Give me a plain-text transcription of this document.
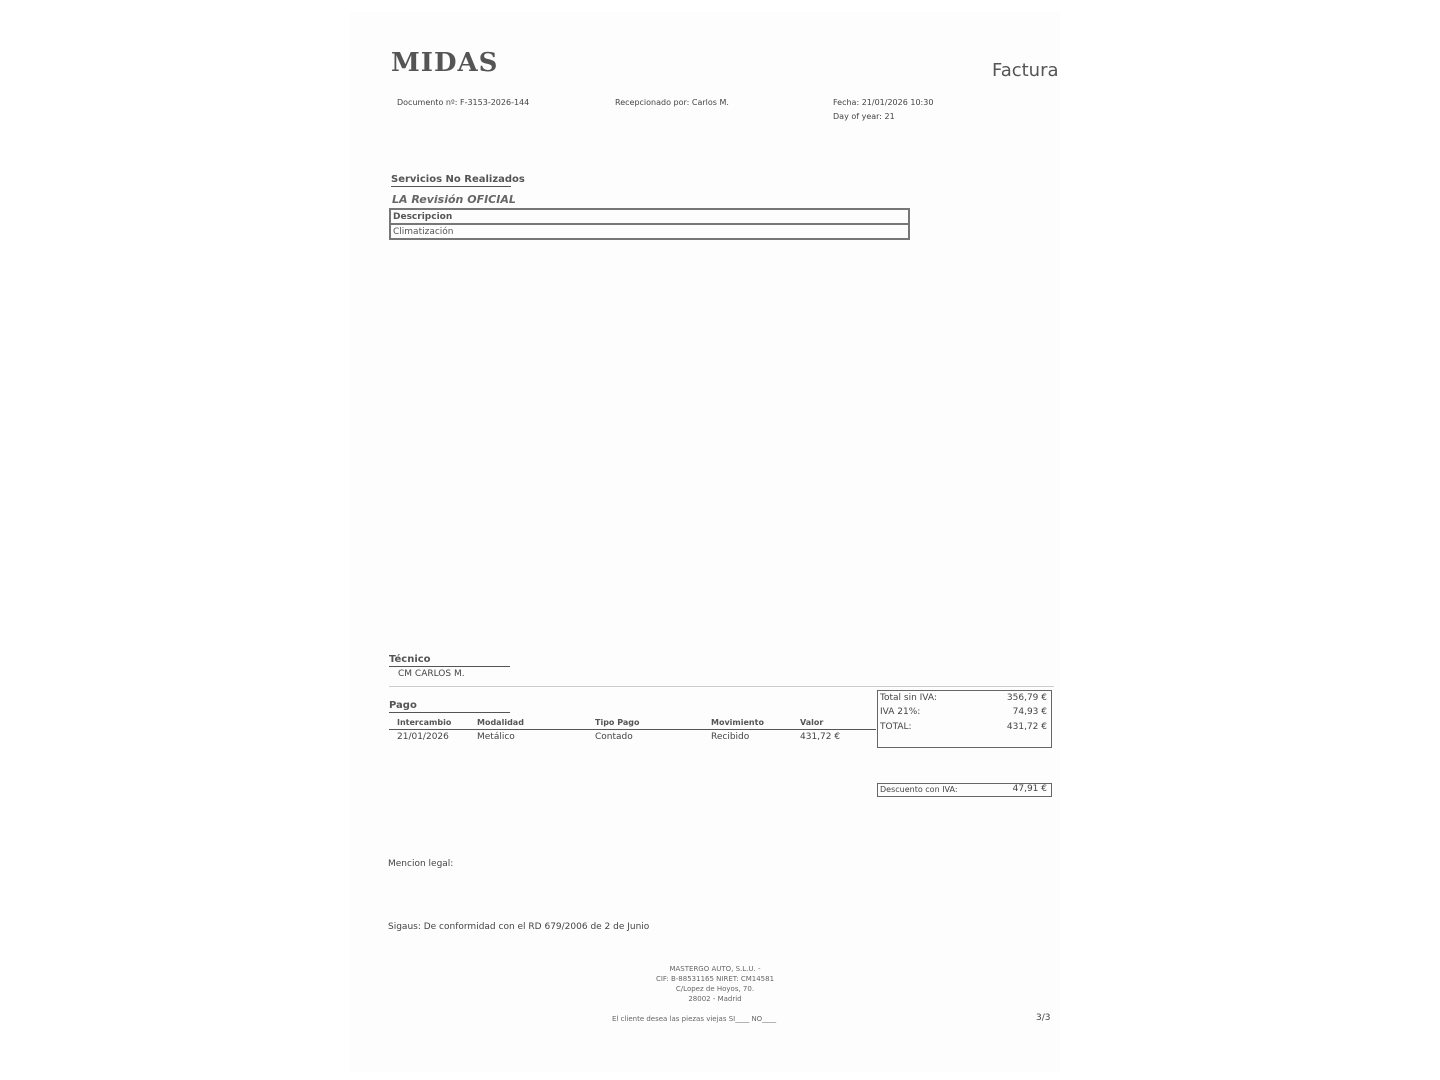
MIDAS	Factura
Documento nº: F-3153-2026-144	Recepcionado por: Carlos M.	Fecha: 21/01/2026 10:30
Day of year: 21
Servicios No Realizados
LA Revisión OFICIAL
Descripcion
Climatización
Técnico
CM CARLOS M.
Pago
Intercambio	Modalidad	Tipo Pago	Movimiento	Valor
21/01/2026	Metálico	Contado	Recibido	431,72 €
Total sin IVA:	356,79 €
IVA 21%:	74,93 €
TOTAL:	431,72 €
Descuento con IVA:	47,91 €
Mencion legal:
Sigaus: De conformidad con el RD 679/2006 de 2 de Junio
MASTERGO AUTO, S.L.U. -
CIF: B-88531165 NIRET: CM14581
C/Lopez de Hoyos, 70.
28002 - Madrid
El cliente desea las piezas viejas SI____ NO____	3/3
